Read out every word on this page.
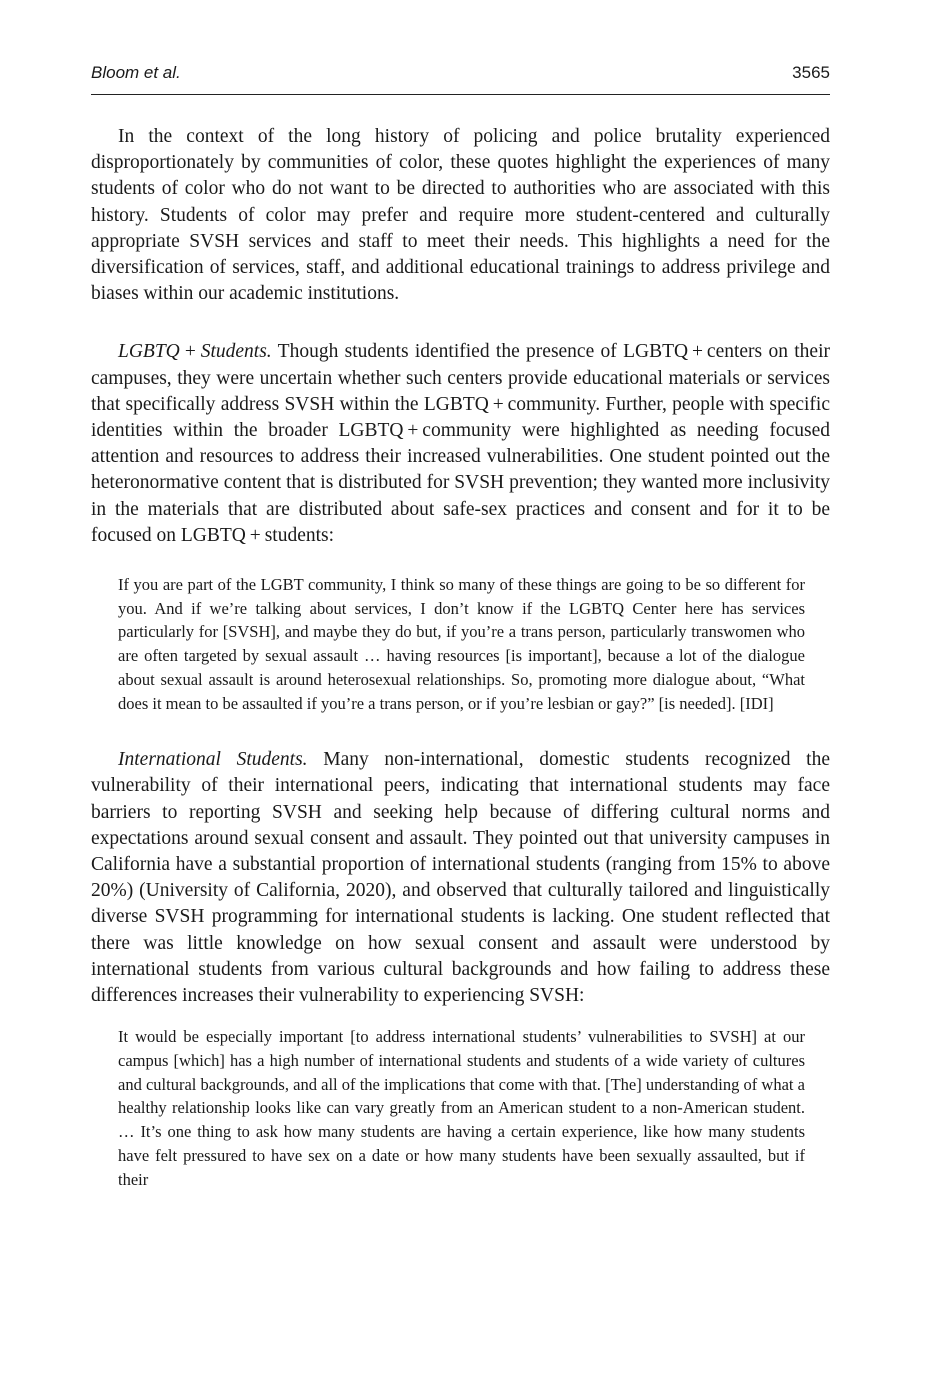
Bloom et al.	3565

In the context of the long history of policing and police brutality experienced disproportionately by communities of color, these quotes highlight the experiences of many students of color who do not want to be directed to authorities who are associated with this history. Students of color may prefer and require more student-centered and culturally appropriate SVSH services and staff to meet their needs. This highlights a need for the diversification of services, staff, and additional educational trainings to address privilege and biases within our academic institutions.

LGBTQ + Students. Though students identified the presence of LGBTQ + centers on their campuses, they were uncertain whether such centers provide educational materials or services that specifically address SVSH within the LGBTQ + community. Further, people with specific identities within the broader LGBTQ + community were highlighted as needing focused attention and resources to address their increased vulnerabilities. One student pointed out the heteronormative content that is distributed for SVSH prevention; they wanted more inclusivity in the materials that are distributed about safe-sex practices and consent and for it to be focused on LGBTQ + students:

If you are part of the LGBT community, I think so many of these things are going to be so different for you. And if we’re talking about services, I don’t know if the LGBTQ Center here has services particularly for [SVSH], and maybe they do but, if you’re a trans person, particularly transwomen who are often targeted by sexual assault … having resources [is important], because a lot of the dialogue about sexual assault is around heterosexual relationships. So, promoting more dialogue about, “What does it mean to be assaulted if you’re a trans person, or if you’re lesbian or gay?” [is needed]. [IDI]

International Students. Many non-international, domestic students recognized the vulnerability of their international peers, indicating that international students may face barriers to reporting SVSH and seeking help because of differing cultural norms and expectations around sexual consent and assault. They pointed out that university campuses in California have a substantial proportion of international students (ranging from 15% to above 20%) (University of California, 2020), and observed that culturally tailored and linguistically diverse SVSH programming for international students is lacking. One student reflected that there was little knowledge on how sexual consent and assault were understood by international students from various cultural backgrounds and how failing to address these differences increases their vulnerability to experiencing SVSH:

It would be especially important [to address international students’ vulnerabilities to SVSH] at our campus [which] has a high number of international students and students of a wide variety of cultures and cultural backgrounds, and all of the implications that come with that. [The] understanding of what a healthy relationship looks like can vary greatly from an American student to a non-American student. … It’s one thing to ask how many students are having a certain experience, like how many students have felt pressured to have sex on a date or how many students have been sexually assaulted, but if their
